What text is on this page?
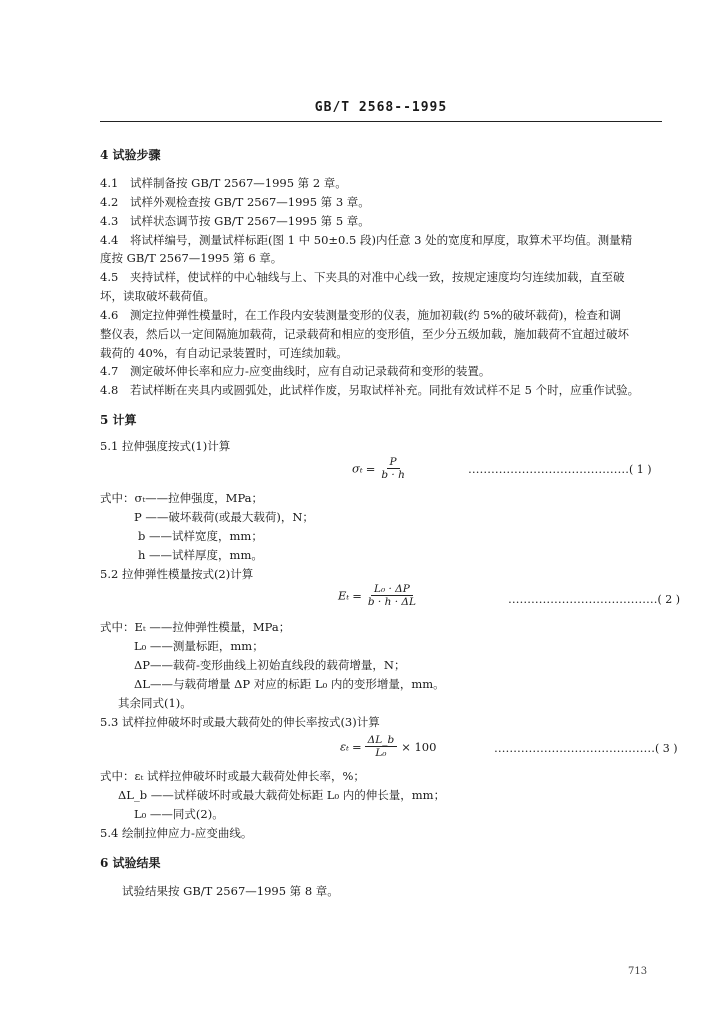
GB/T 2568--1995
4 试验步骤
4.1 试样制备按 GB/T 2567—1995 第 2 章。
4.2 试样外观检查按 GB/T 2567—1995 第 3 章。
4.3 试样状态调节按 GB/T 2567—1995 第 5 章。
4.4 将试样编号，测量试样标距(图 1 中 50±0.5 段)内任意 3 处的宽度和厚度，取算术平均值。测量精
度按 GB/T 2567—1995 第 6 章。
4.5 夹持试样，使试样的中心轴线与上、下夹具的对准中心线一致，按规定速度均匀连续加载，直至破
坏，读取破坏载荷值。
4.6 测定拉伸弹性模量时，在工作段内安装测量变形的仪表，施加初载(约 5%的破坏载荷)，检查和调
整仪表，然后以一定间隔施加载荷，记录载荷和相应的变形值，至少分五级加载，施加载荷不宜超过破坏
载荷的 40%，有自动记录装置时，可连续加载。
4.7 测定破坏伸长率和应力-应变曲线时，应有自动记录载荷和变形的装置。
4.8 若试样断在夹具内或圆弧处，此试样作废，另取试样补充。同批有效试样不足 5 个时，应重作试验。
5 计算
5.1 拉伸强度按式(1)计算
$\sigma_t = \frac{P}{b \cdot h}$	……………………………………( 1 )
式中：σₜ——拉伸强度，MPa；
P ——破坏载荷(或最大载荷)，N；
b ——试样宽度，mm；
h ——试样厚度，mm。
5.2 拉伸弹性模量按式(2)计算
$E_t = \frac{\text{L₀ · ΔP}}{b \cdot h \cdot \Delta L}$	…………………………………( 2 )
式中：Eₜ ——拉伸弹性模量，MPa；
L₀ ——测量标距，mm；
ΔP——载荷-变形曲线上初始直线段的载荷增量，N；
ΔL——与载荷增量 ΔP 对应的标距 L₀ 内的变形增量，mm。
其余同式(1)。
5.3 试样拉伸破坏时或最大载荷处的伸长率按式(3)计算
$\varepsilon_t = \frac{\Delta L\_b}{\text{L₀}} \times 100$	……………………………………( 3 )
式中：εₜ 试样拉伸破坏时或最大载荷处伸长率，%；
ΔL_b ——试样破坏时或最大载荷处标距 L₀ 内的伸长量，mm；
L₀ ——同式(2)。
5.4 绘制拉伸应力-应变曲线。
6 试验结果
试验结果按 GB/T 2567—1995 第 8 章。
713
